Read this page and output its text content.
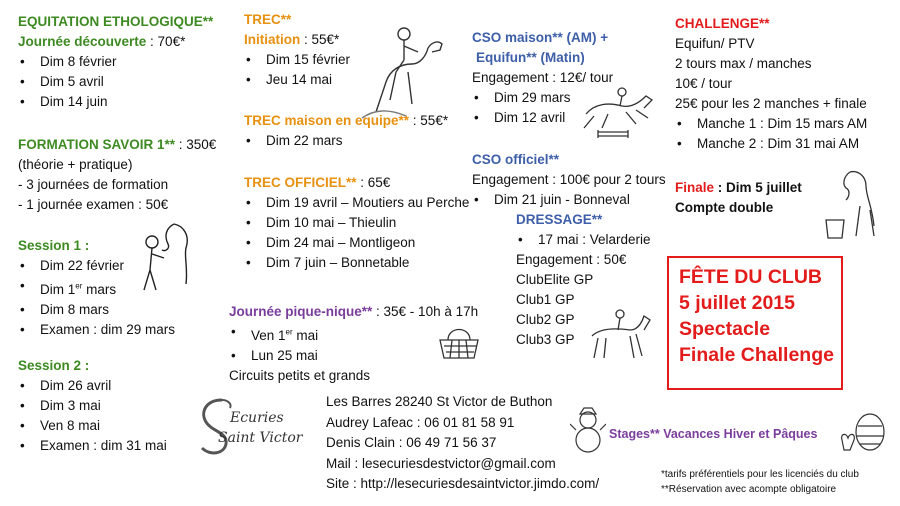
EQUITATION ETHOLOGIQUE**
Journée découverte : 70€*
• Dim 8 février
• Dim 5 avril
• Dim 14 juin
FORMATION SAVOIR 1** : 350€
(théorie + pratique)
- 3 journées de formation
- 1 journée examen : 50€
Session 1 :
• Dim 22 février
• Dim 1er mars
• Dim 8 mars
• Examen : dim 29 mars
Session 2 :
• Dim 26 avril
• Dim 3 mai
• Ven 8 mai
• Examen : dim 31 mai
TREC**
Initiation : 55€*
• Dim 15 février
• Jeu 14 mai
TREC maison en equipe** : 55€*
• Dim 22 mars
TREC OFFICIEL** : 65€
• Dim 19 avril – Moutiers au Perche
• Dim 10 mai – Thieulin
• Dim 24 mai – Montligeon
• Dim 7 juin – Bonnetable
Journée pique-nique** : 35€ - 10h à 17h
• Ven 1er mai
• Lun 25 mai
Circuits petits et grands
CSO maison** (AM) +
Equifun** (Matin)
Engagement : 12€/ tour
• Dim 29 mars
• Dim 12 avril
CSO officiel**
Engagement : 100€ pour 2 tours
• Dim 21 juin - Bonneval
DRESSAGE**
• 17 mai : Velarderie
Engagement : 50€
ClubElite GP
Club1 GP
Club2 GP
Club3 GP
CHALLENGE**
Equifun/ PTV
2 tours max / manches
10€ / tour
25€ pour les 2 manches + finale
• Manche 1 : Dim 15 mars AM
• Manche 2 : Dim 31 mai AM
Finale : Dim 5 juillet
Compte double
FÊTE DU CLUB
5 juillet 2015
Spectacle
Finale Challenge
Les Barres 28240 St Victor de Buthon
Audrey Lafeac : 06 01 81 58 91
Denis Clain : 06 49 71 56 37
Mail : lesecuriesdestvictor@gmail.com
Site : http://lesecuriesdesaintvictor.jimdo.com/
Stages** Vacances Hiver et Pâques
*tarifs préférentiels pour les licenciés du club
**Réservation avec acompte obligatoire
Ecuries
Saint Victor
